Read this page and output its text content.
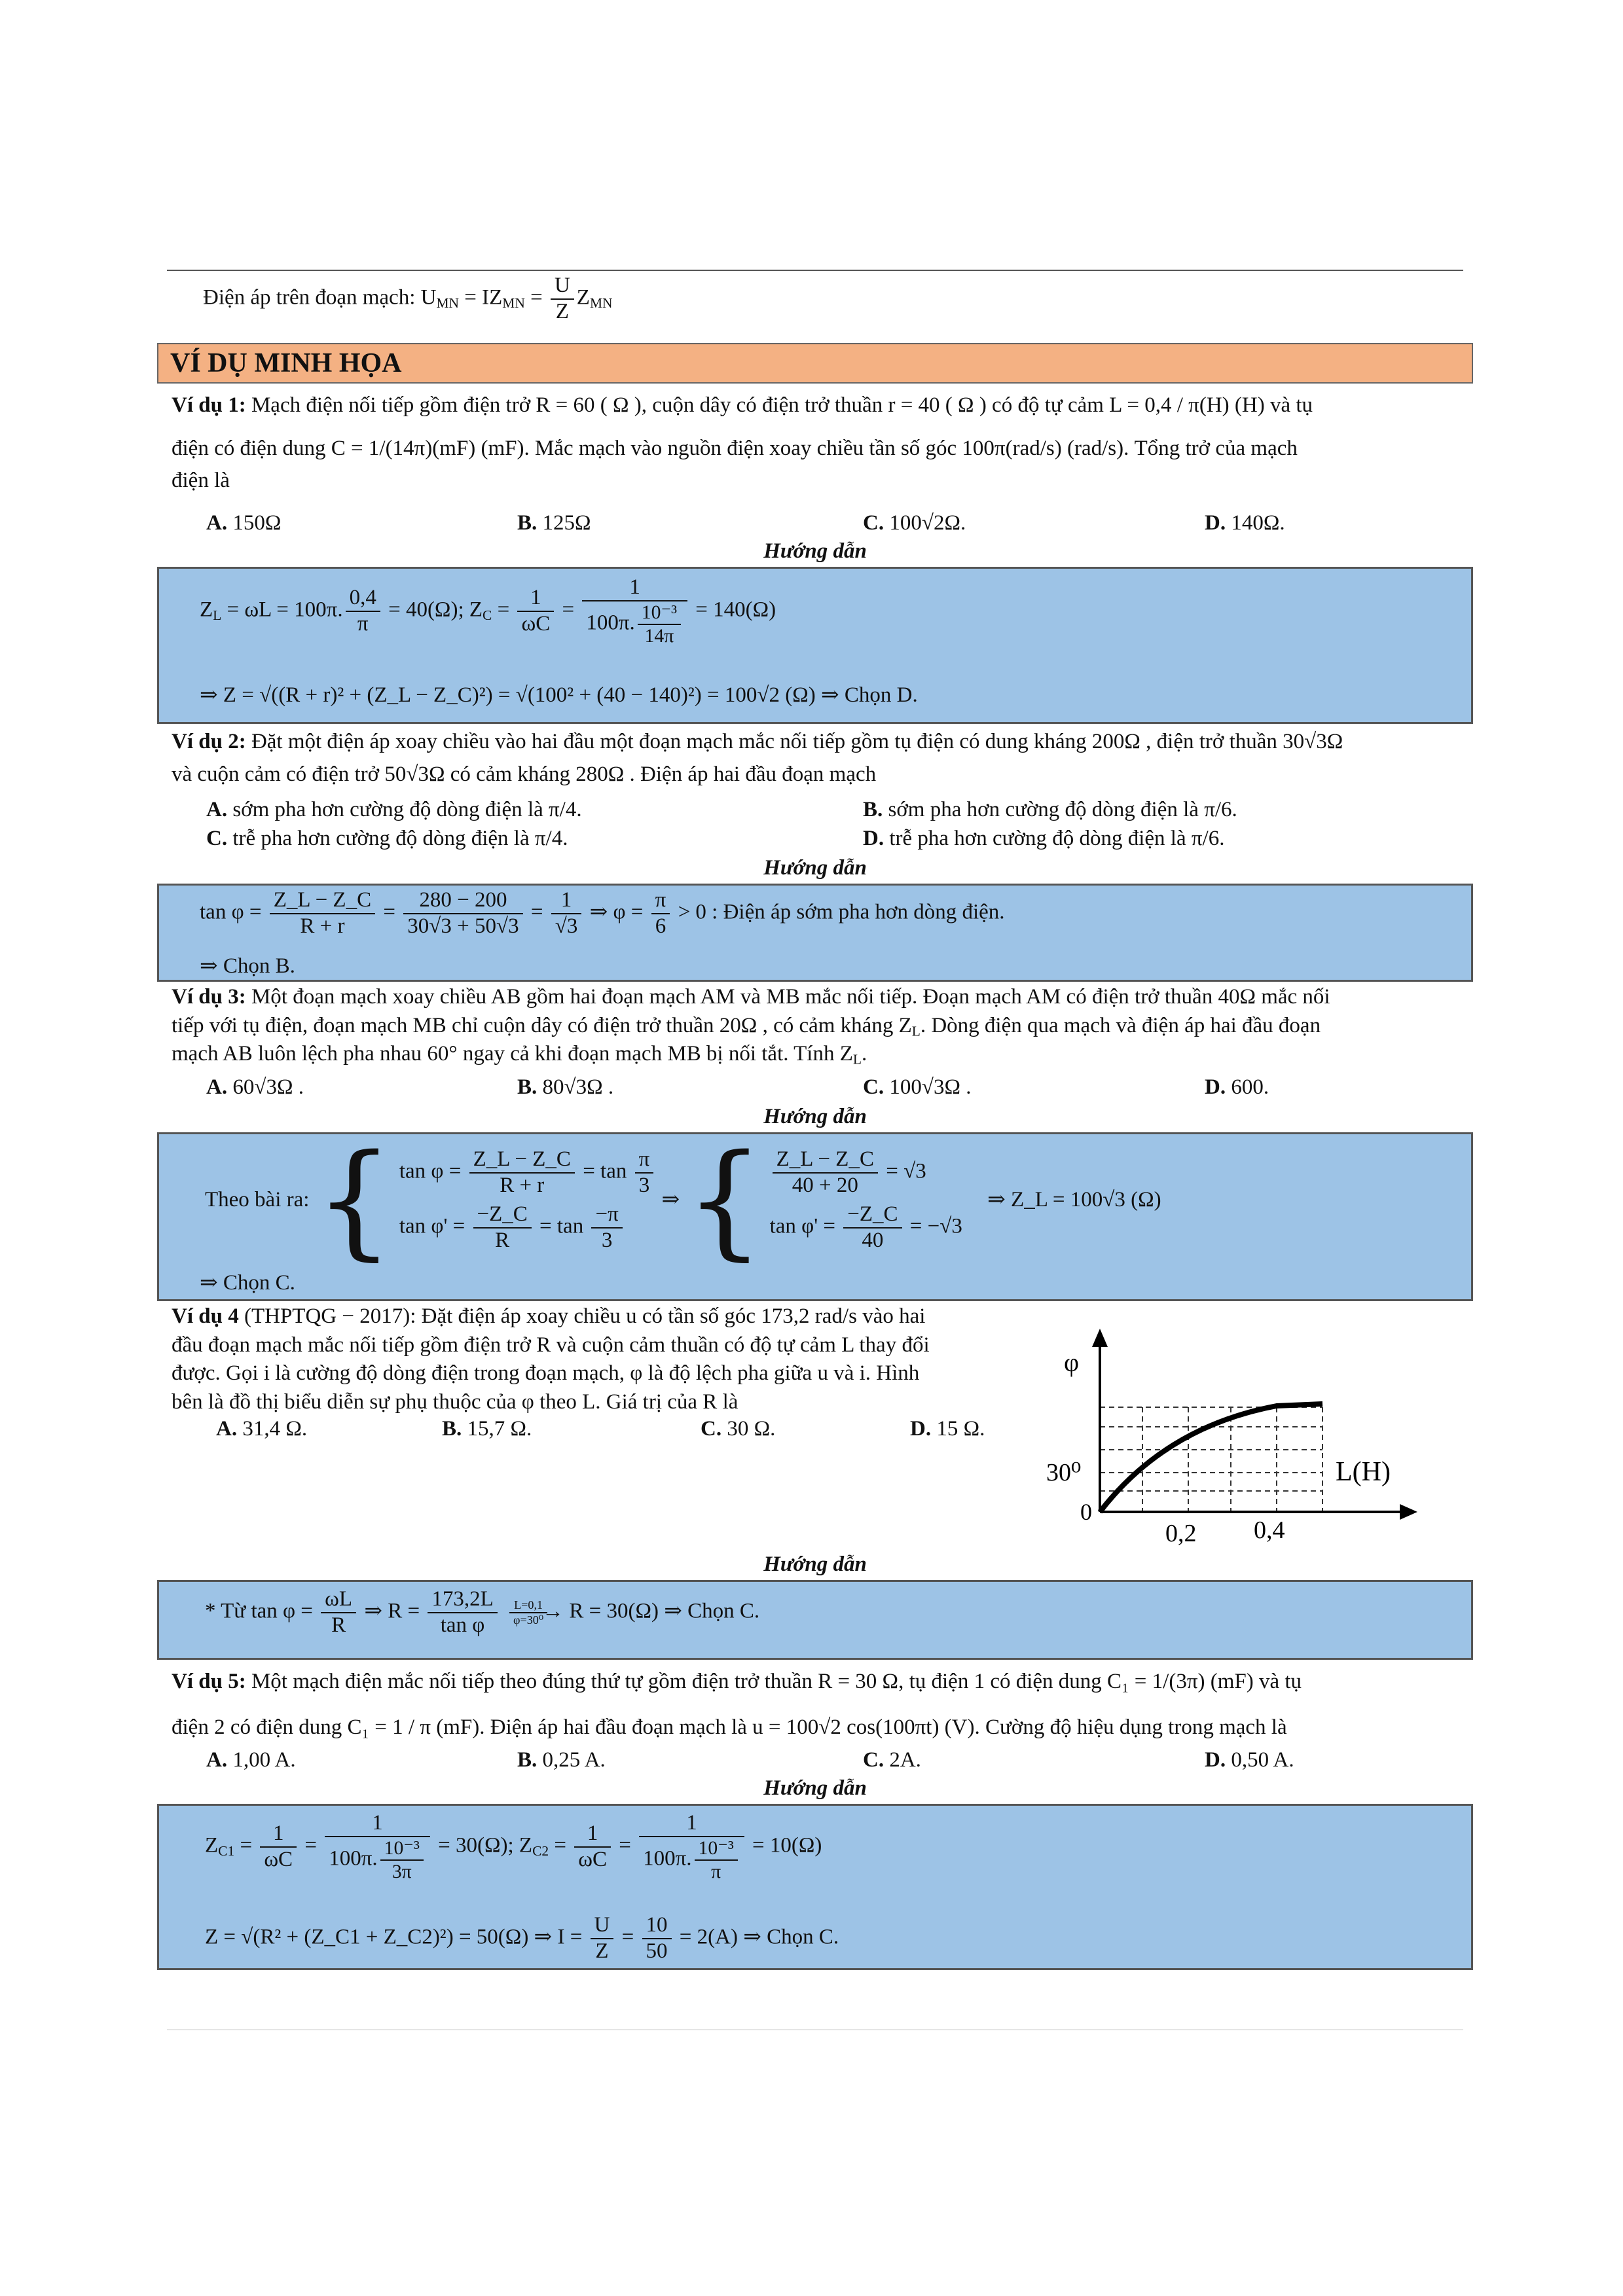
Điện áp trên đoạn mạch: $U_{MN} = IZ_{MN} = \frac{U}{Z} Z_{MN}$
VÍ DỤ MINH HỌA
Ví dụ 1: Mạch điện nối tiếp gồm điện trở R = 60 ( Ω ), cuộn dây có điện trở thuần r = 40 ( Ω ) có độ tự cảm L = 0,4 / π(H) (H) và tụ
điện có điện dung C = 1/(14π)(mF) (mF). Mắc mạch vào nguồn điện xoay chiều tần số góc 100π(rad/s) (rad/s). Tổng trở của mạch
điện là
A. 150Ω	B. 125Ω	C. 100√2Ω.	D. 140Ω.
Hướng dẫn
$Z_L = \omega L = 100\pi$. $\frac{0,4}{\pi} = 40(\Omega)$; $Z_C = \frac{1}{\omega C} = \frac{1}{100\pi. \frac{\text{10⁻³}}{14\pi}} = 140(\Omega)$
⇒ Z = √((R + r)² + (Z_L − Z_C)²) = √(100² + (40 − 140)²) = 100√2 (Ω) ⇒ Chọn D.
Ví dụ 2: Đặt một điện áp xoay chiều vào hai đầu một đoạn mạch mắc nối tiếp gồm tụ điện có dung kháng 200Ω , điện trở thuần 30√3Ω
và cuộn cảm có điện trở 50√3Ω có cảm kháng 280Ω . Điện áp hai đầu đoạn mạch
A. sớm pha hơn cường độ dòng điện là π/4.	B. sớm pha hơn cường độ dòng điện là π/6.
C. trễ pha hơn cường độ dòng điện là π/4.	D. trễ pha hơn cường độ dòng điện là π/6.
Hướng dẫn
$\tan \varphi = \frac{Z\_L - Z\_C}{R + r} = \frac{280 - 200}{30√3 + 50√3} = \frac{1}{√3}$ ⇒ $\varphi = \frac{\pi}{6} > 0$ : Điện áp sớm pha hơn dòng điện.
⇒ Chọn B.
Ví dụ 3: Một đoạn mạch xoay chiều AB gồm hai đoạn mạch AM và MB mắc nối tiếp. Đoạn mạch AM có điện trở thuần 40Ω mắc nối
tiếp với tụ điện, đoạn mạch MB chỉ cuộn dây có điện trở thuần 20Ω , có cảm kháng $Z_L$. Dòng điện qua mạch và điện áp hai đầu đoạn
mạch AB luôn lệch pha nhau 60° ngay cả khi đoạn mạch MB bị nối tắt. Tính $Z_L$.
A. 60√3Ω .	B. 80√3Ω .	C. 100√3Ω .	D. 600.
Hướng dẫn
Theo bài ra: { $\tan \varphi = \frac{Z\_L - Z\_C}{R + r} = \tan \frac{\pi}{3}$
$\tan \varphi' = \frac{-Z\_C}{R} = \tan \frac{-\pi}{3}$
⇒ { $\frac{Z\_L - Z\_C}{40 + 20} = √3$
$\tan \varphi' = \frac{-Z\_C}{40} = -√3$
⇒ Z_L = 100√3 (Ω)
⇒ Chọn C.
Ví dụ 4 (THPTQG − 2017): Đặt điện áp xoay chiều u có tần số góc 173,2 rad/s vào hai
đầu đoạn mạch mắc nối tiếp gồm điện trở R và cuộn cảm thuần có độ tự cảm L thay đổi
được. Gọi i là cường độ dòng điện trong đoạn mạch, φ là độ lệch pha giữa u và i. Hình
bên là đồ thị biểu diễn sự phụ thuộc của φ theo L. Giá trị của R là
A. 31,4 Ω.	B. 15,7 Ω.	C. 30 Ω.	D. 15 Ω.
φ
L(H)
0
30⁰
0,2 0,4
Hướng dẫn
* Từ $\tan \varphi = \frac{\omega L}{R}$ ⇒ $R = \frac{173,2L}{\text{tan φ}}$
$\frac{L=0,1}{\text{φ=30⁰}}$
→ R = 30(Ω) ⇒ Chọn C.
Ví dụ 5: Một mạch điện mắc nối tiếp theo đúng thứ tự gồm điện trở thuần R = 30 Ω, tụ điện 1 có điện dung C₁ = 1/(3π) (mF) và tụ
điện 2 có điện dung C₁ = 1 / π (mF). Điện áp hai đầu đoạn mạch là u = 100√2 cos(100πt) (V). Cường độ hiệu dụng trong mạch là
A. 1,00 A.	B. 0,25 A.	C. 2A.	D. 0,50 A.
Hướng dẫn
$Z_{C1} = \frac{1}{\omega C} = \frac{1}{100\pi. \frac{\text{10⁻³}}{3\pi}} = 30(\Omega)$; $Z_{C2} = \frac{1}{\omega C} = \frac{1}{100\pi. \frac{\text{10⁻³}}{\pi}} = 10(\Omega)$
Z = √(R² + (Z_C1 + Z_C2)²) = 50(Ω) ⇒ $I = \frac{U}{Z} = \frac{10}{50} = 2(A)$ ⇒ Chọn C.
